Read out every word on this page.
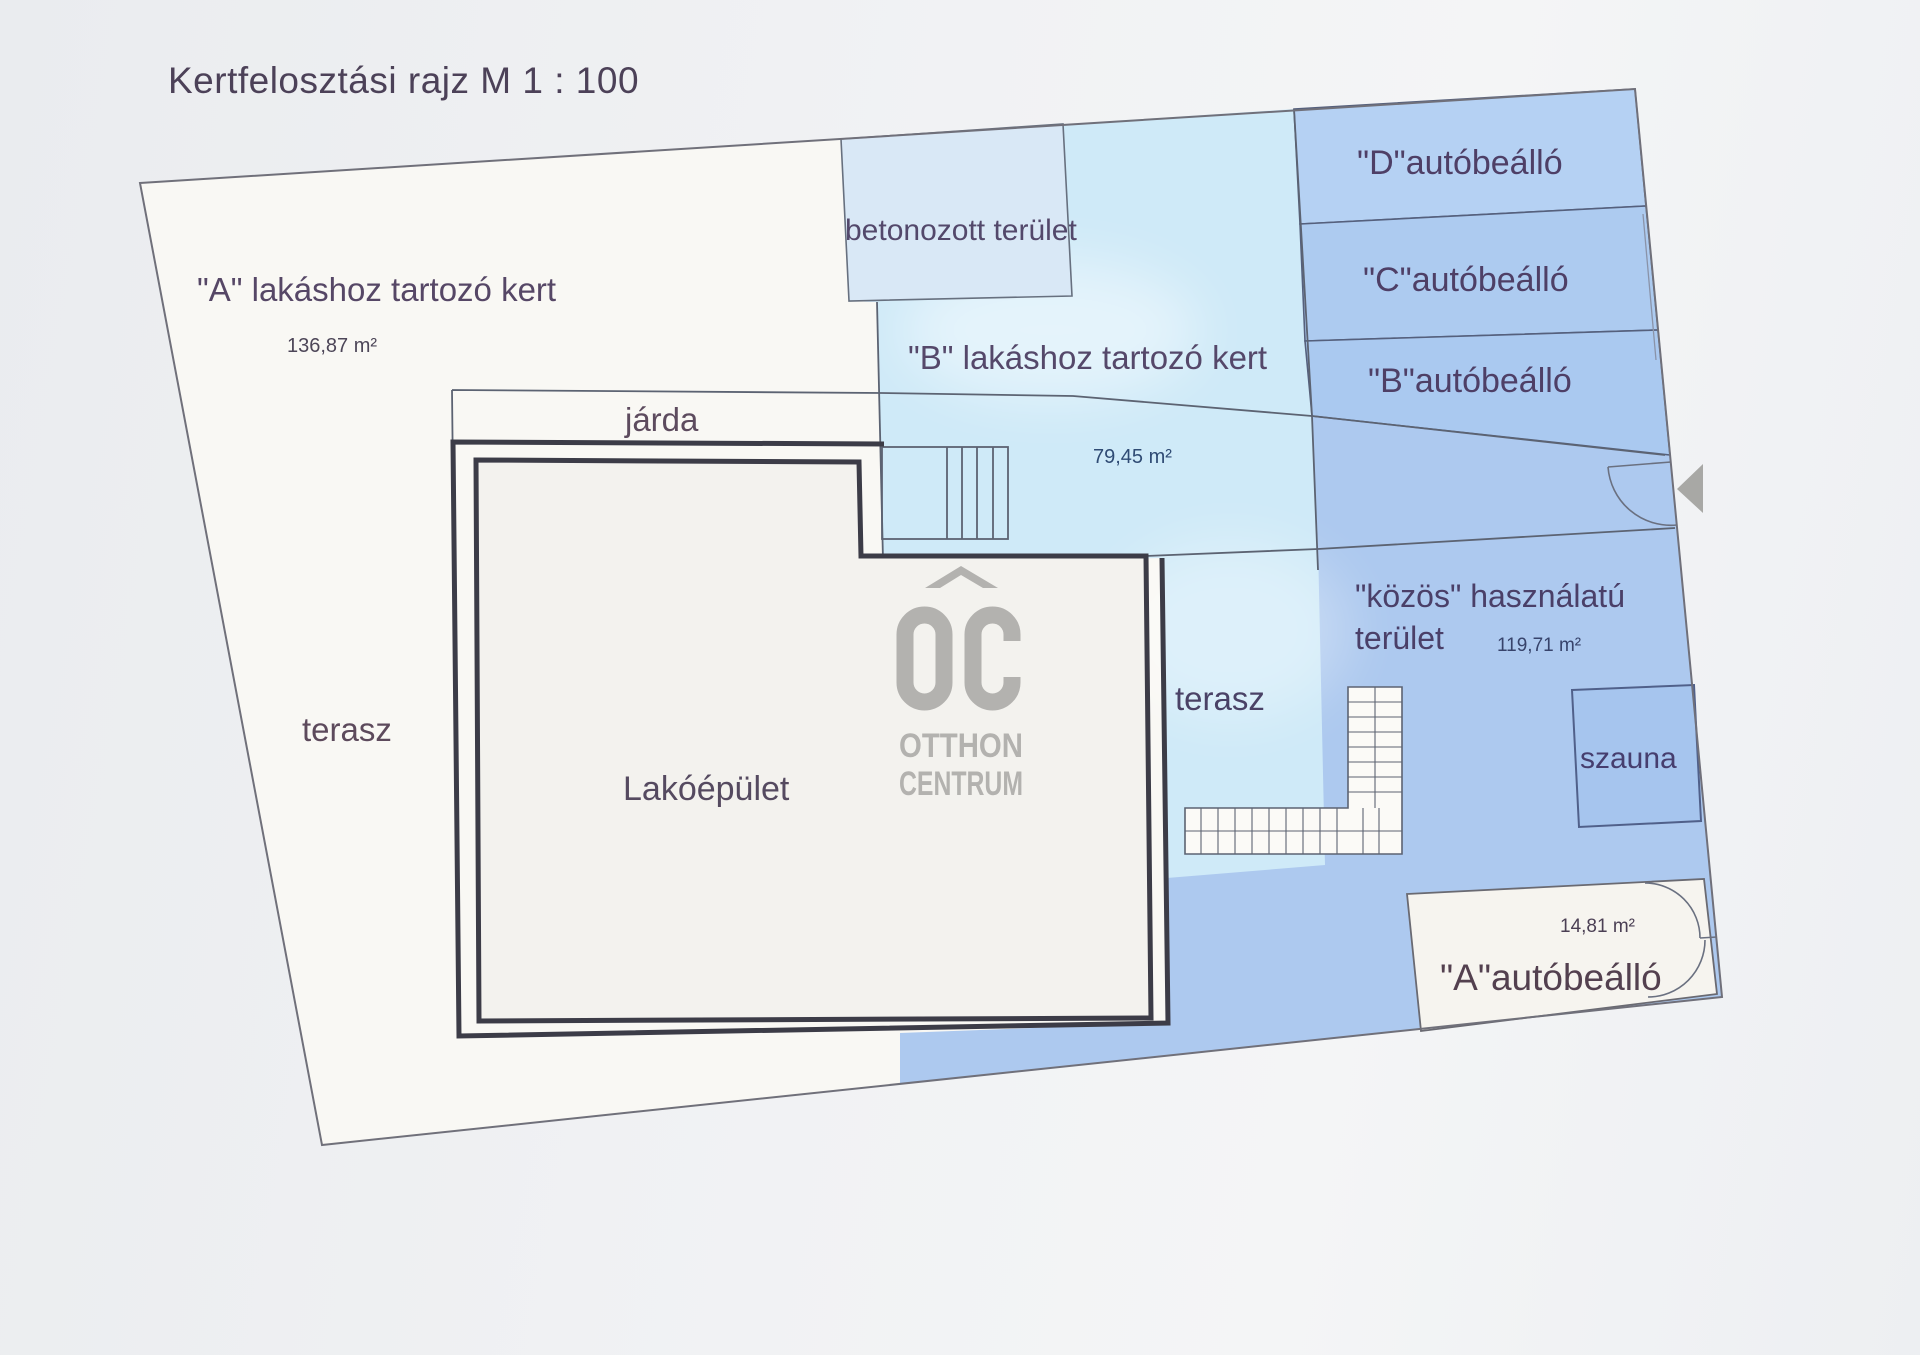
OTTHON
CENTRUM
Kertfelosztási rajz M 1 : 100
"A" lakáshoz tartozó kert
136,87 m²
betonozott terület
"D"autóbeálló
"C"autóbeálló
"B"autóbeálló
"B" lakáshoz tartozó kert
79,45 m²
járda
terasz
terasz
Lakóépület
"közös" használatú
terület	119,71 m²
szauna
14,81 m²
"A"autóbeálló
